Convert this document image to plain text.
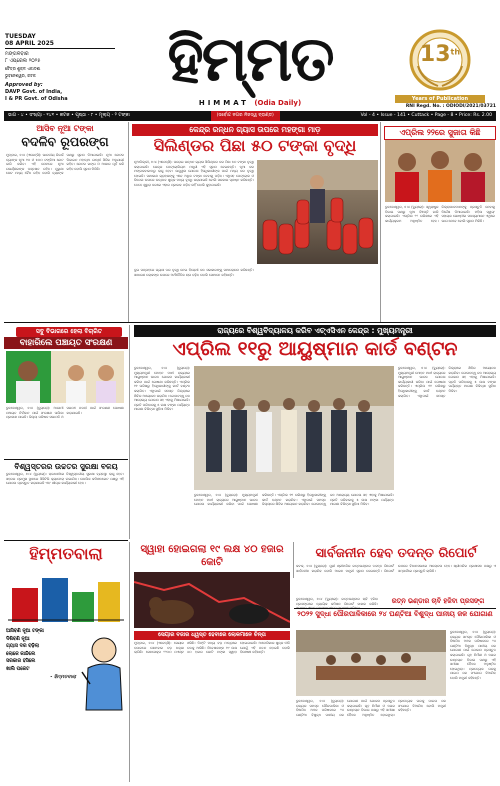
TUESDAY
08 APRIL 2025
ମଙ୍ଗଳବାର
୮ ଏପ୍ରେଲ ୨୦୨୫
ଚୈତ୍ର ଶୁକ୍ଳ ଏକାଦଶୀ
ଭୁବନେଶ୍ୱର, କଟକ
Approved by:
DAVP Govt. of India,
I & PR Govt. of Odisha
ହିମ୍ମତ
HIMMAT (Odia Daily)
13th
Years of Publication
RNI Regd. No. : ODIODI/2021/03721
ଭାଗ - ୪ • ସଂଖ୍ୟା - ୧୪୧ • କଟକ • ପୃଷ୍ଠା - ୮ • ମୂଲ୍ୟ - ୨ ଟଙ୍କା	(ସର୍ବୋଚ୍ଚ ନଗର ନିଜସ୍ୱ ବ୍ରାଣ୍ଡ)	Vol - 4 • Issue - 141 • Cuttack • Page - 8 • Price: Rs. 2.00
ଆସିବ ନୂଆ ଟଙ୍କା
ବଦଳିବ ରୂପରଙ୍ଗ
ମୁମ୍ବାଇ, ୭।୪ (ଏଜେନ୍ସି): ଭାରତୀୟ ରିଜର୍ଭ ବ୍ୟାଙ୍କ ନୂଆ ୧୦ ଓ ୫୦୦ ଟଙ୍କିଆ ନୋଟ ଜାରି କରିବ। ଏହି ନୋଟରେ ନୂଆ ଗଭର୍ଣ୍ଣରଙ୍କ ଦସ୍ତଖତ ରହିବ। ପୁରୁଣା ନୋଟ ମଧ୍ୟ ବୈଧ ରହିବ ବୋଲି ବ୍ୟାଙ୍କ ପକ୍ଷରୁ ସୂଚନା ଦିଆଯାଇଛି। ନୂଆ ନୋଟର ଡିଜାଇନ ମହାତ୍ମା ଗାନ୍ଧୀ ସିରିଜ ଅନୁଯାୟୀ ରହିବ। ନୋଟର ରଙ୍ଗ ଓ ଆକାର ପୂର୍ବ ଭଳି ରହିବ ବୋଲି ସୂଚନା ମିଳିଛି।
କେନ୍ଦ୍ର ରନ୍ଧନ ଗ୍ୟାସ ଉପରେ ମହଙ୍ଗା ମାଡ଼
ସିଲିଣ୍ଡର ପିଛା ୫୦ ଟଙ୍କା ବୃଦ୍ଧି
ନୂଆଦିଲ୍ଲୀ, ୭।୪ (ଏଜେନ୍ସି): ଘରୋଇ ରନ୍ଧନ ଗ୍ୟାସ ସିଲିଣ୍ଡର ଦର ପିଛା ୫୦ ଟଙ୍କା ବୃଦ୍ଧି କରାଯାଇଛି। କେନ୍ଦ୍ର ପେଟ୍ରୋଲିୟମ ମନ୍ତ୍ରୀ ଏହି ସୂଚନା ଦେଇଛନ୍ତି। ନୂଆ ଦର ମଙ୍ଗଳବାରଠାରୁ ଲାଗୁ ହେବ। ଉଜ୍ଜ୍ୱଳା ଯୋଜନା ହିତାଧିକାରୀଙ୍କ ପାଇଁ ମଧ୍ୟ ଦର ବୃଦ୍ଧି ହୋଇଛି। ସାଧାରଣ ଗ୍ରାହକଙ୍କୁ ଏବେ ଅଧିକ ଟଙ୍କା ଦେବାକୁ ପଡ଼ିବ। ଏଥିସହ ପେଟ୍ରୋଲ ଓ ଡିଜେଲ ଉପରେ ଉତ୍ପାଦ ଶୁଳ୍କ ମଧ୍ୟ ବୃଦ୍ଧି କରାଯାଇଛି ବୋଲି ସରକାର ସ୍ପଷ୍ଟ କରିଛନ୍ତି। ତେବେ ଖୁଚୁରା ଦରରେ ଏହାର ପ୍ରଭାବ ପଡ଼ିବ ନାହିଁ ବୋଲି କୁହାଯାଇଛି।
ଦୁଇ ସପ୍ତାହରେ ଗ୍ୟାସ ଦର ବୃଦ୍ଧି ନେଇ ବିରୋଧୀ ଦଳ ସରକାରଙ୍କୁ ସମାଲୋଚନା କରିଛନ୍ତି। ସାଧାରଣ ଲୋକଙ୍କ ଉପରେ ଅର୍ଥନୈତିକ ଚାପ ବଢ଼ିବ ବୋଲି ସେମାନେ କହିଛନ୍ତି।
ଏପ୍ରିଲ ୨୨ରେ ସୁଜାତା କିଛି
ଭୁବନେଶ୍ୱର, ୭।୪ (ବ୍ୟୁରୋ): ସ୍ୱରାଷ୍ଟ୍ର ବିଭାଗ ପକ୍ଷରୁ ନୂଆ ବିଜ୍ଞପ୍ତି ଜାରି କରାଯାଇଛି। ଏପ୍ରିଲ ୨୨ ତାରିଖରେ ଏହି କାର୍ଯ୍ୟକ୍ରମ ଅନୁଷ୍ଠିତ ହେବ। ଜିଲ୍ଲାପାଳମାନଙ୍କୁ ପ୍ରସ୍ତୁତି ନେବାକୁ ନିର୍ଦ୍ଦେଶ ଦିଆଯାଇଛି। ମହିଳା ସ୍ୱୟଂ ସହାୟକ ଗୋଷ୍ଠୀର ସଦସ୍ୟମାନେ ଏଥିରେ ଭାଗ ନେବେ ବୋଲି ସୂଚନା ମିଳିଛି।
ସବୁ ବିଭାଗରେ ହେଲା ବିଚାରିତ
ବାହାରିଲେ ପଞ୍ଚାୟତ ସଂରକ୍ଷଣ
ଭୁବନେଶ୍ୱର, ୭।୪ (ବ୍ୟୁରୋ): ଆଗାମୀ ପଞ୍ଚାୟତ ନିର୍ବାଚନ ପାଇଁ ସଂରକ୍ଷଣ ତାଲିକା ପ୍ରକାଶ ପାଇଛି। ଜିଲ୍ଲା ପରିଷଦ ସଭାପତି ଓ ସରପଞ୍ଚ ପଦବୀ ପାଇଁ ସଂରକ୍ଷଣ ଘୋଷଣା କରାଯାଇଛି।
ବିଶ୍ୱସ୍ତରର ଉଚ୍ଚତର ସୁରକ୍ଷା ବଳୟ
ଭୁବନେଶ୍ୱର, ୭।୪ (ବ୍ୟୁରୋ): ରାଜଧାନୀରେ ବିଶ୍ୱସ୍ତରୀୟ ସୁରକ୍ଷା ବ୍ୟବସ୍ଥା ଲାଗୁ ହେବ। ସହରର ପ୍ରମୁଖ ସ୍ଥାନରେ ସିସିଟିଭି କ୍ୟାମେରା ଲଗାଯିବ। ପୋଲିସ କମିଶନରେଟ ପକ୍ଷରୁ ଏହି ଯୋଜନା ପ୍ରସ୍ତୁତ କରାଯାଇଛି ଏବଂ ଶୀଘ୍ର କାର୍ଯ୍ୟକାରୀ ହେବ।
ରାଜ୍ୟରେ ବିଶ୍ୱବିଦ୍ୟାଳୟ କରିବ ଏଚ୍ଏସିଏନ କେନ୍ଦ୍ର : ମୁଖ୍ୟମନ୍ତ୍ରୀ
ଏପ୍ରିଲ ୧୧ରୁ ଆୟୁଷ୍ମାନ କାର୍ଡ ବଣ୍ଟନ
ଭୁବନେଶ୍ୱର, ୭।୪ (ବ୍ୟୁରୋ): ମୁଖ୍ୟମନ୍ତ୍ରୀ ମୋହନ ମାଝୀ ରାଜ୍ୟରେ ଆୟୁଷ୍ମାନ ଭାରତ ଯୋଜନା କାର୍ଯ୍ୟକାରୀ କରିବା ପାଇଁ ଘୋଷଣା କରିଛନ୍ତି। ଏପ୍ରିଲ ୧୧ ତାରିଖରୁ ହିତାଧିକାରୀଙ୍କୁ କାର୍ଡ ବଣ୍ଟନ କରାଯିବ। ଏଥିପାଇଁ ସମସ୍ତ ଜିଲ୍ଲାରେ ଶିବିର ଆୟୋଜନ କରାଯିବ। ଗୋପବନ୍ଧୁ ଜନ ଆରୋଗ୍ୟ ଯୋଜନା ସହ ଏହାକୁ ମିଶାଯାଇଛି। ପ୍ରତି ପରିବାରକୁ ୫ ଲକ୍ଷ ଟଙ୍କା ପର୍ଯ୍ୟନ୍ତ ମାଗଣା ଚିକିତ୍ସା ସୁବିଧା ମିଳିବ।
ଭୁବନେଶ୍ୱର, ୭।୪ (ବ୍ୟୁରୋ): ମୁଖ୍ୟମନ୍ତ୍ରୀ ମୋହନ ମାଝୀ ରାଜ୍ୟରେ ଆୟୁଷ୍ମାନ ଭାରତ ଯୋଜନା କାର୍ଯ୍ୟକାରୀ କରିବା ପାଇଁ ଘୋଷଣା କରିଛନ୍ତି। ଏପ୍ରିଲ ୧୧ ତାରିଖରୁ ହିତାଧିକାରୀଙ୍କୁ କାର୍ଡ ବଣ୍ଟନ କରାଯିବ। ଏଥିପାଇଁ ସମସ୍ତ ଜିଲ୍ଲାରେ ଶିବିର ଆୟୋଜନ କରାଯିବ। ଗୋପବନ୍ଧୁ ଜନ ଆରୋଗ୍ୟ ଯୋଜନା ସହ ଏହାକୁ ମିଶାଯାଇଛି। ପ୍ରତି ପରିବାରକୁ ୫ ଲକ୍ଷ ଟଙ୍କା ପର୍ଯ୍ୟନ୍ତ ମାଗଣା ଚିକିତ୍ସା ସୁବିଧା ମିଳିବ।
ଭୁବନେଶ୍ୱର, ୭।୪ (ବ୍ୟୁରୋ): ମୁଖ୍ୟମନ୍ତ୍ରୀ ମୋହନ ମାଝୀ ରାଜ୍ୟରେ ଆୟୁଷ୍ମାନ ଭାରତ ଯୋଜନା କାର୍ଯ୍ୟକାରୀ କରିବା ପାଇଁ ଘୋଷଣା କରିଛନ୍ତି। ଏପ୍ରିଲ ୧୧ ତାରିଖରୁ ହିତାଧିକାରୀଙ୍କୁ କାର୍ଡ ବଣ୍ଟନ କରାଯିବ। ଏଥିପାଇଁ ସମସ୍ତ ଜିଲ୍ଲାରେ ଶିବିର ଆୟୋଜନ କରାଯିବ। ଗୋପବନ୍ଧୁ ଜନ ଆରୋଗ୍ୟ ଯୋଜନା ସହ ଏହାକୁ ମିଶାଯାଇଛି। ପ୍ରତି ପରିବାରକୁ ୫ ଲକ୍ଷ ଟଙ୍କା ପର୍ଯ୍ୟନ୍ତ ମାଗଣା ଚିକିତ୍ସା ସୁବିଧା ମିଳିବ।
ହିମ୍ମତବାଲା
ଆସିବଣି ନୂଆ ଟଙ୍କା
ଦିଶିବଣି ନୂଆ
ଗ୍ୟାସ ଦର ବଢ଼ିଲା
ଲୋକେ କାନ୍ଦିଲେ
ସରକାର ହସିଲେ
ଖାଲି ପକେଟ
- ହିମ୍ମତବାଲା
ସ୍ୱାହା ହୋଇଗଲା ୧୯ ଲକ୍ଷ ୪୦ ହଜାର କୋଟି
ସେୟାର ବଜାର ଧ୍ୱସ୍ତ ହେବାରେ ଲୋକମାନେ ଚିନ୍ତା
ମୁମ୍ବାଇ, ୭।୪ (ଏଜେନ୍ସି): ସେୟାର ବଜାରରେ ସୋମବାର ବଡ଼ ଧକ୍କା ଲାଗିଛି। ସେନସେକ୍ସ ୨୨୦୦ ପଏଣ୍ଟ ଖସିଛି। ନିଫ୍ଟି ମଧ୍ୟ ବଡ଼ ମାତ୍ରାରେ ତଳକୁ ଆସିଛି। ନିବେଶକଙ୍କ ୧୯ ଲକ୍ଷ ୪୦ ହଜାର କୋଟି ଟଙ୍କା ସ୍ୱାହା ହୋଇଯାଇଛି। ଆମେରିକାର ଶୁଳ୍କ ନୀତି ଯୋଗୁଁ ଏହି ପତନ ହୋଇଛି ବୋଲି ବିଶେଷଜ୍ଞ କହିଛନ୍ତି।
ସାର୍ବଜନୀନ ହେବ ତଦନ୍ତ ରିପୋର୍ଟ
କଟକ, ୭।୪ (ବ୍ୟୁରୋ): ପୁରୀ ଶ୍ରୀମନ୍ଦିର ରତ୍ନଭଣ୍ଡାର ତଦନ୍ତ ରିପୋର୍ଟ ସାର୍ବଜନୀନ କରାଯିବ ବୋଲି ଆଇନ ମନ୍ତ୍ରୀ ସୂଚନା ଦେଇଛନ୍ତି। ରିପୋର୍ଟ ଉପରେ ବିଧାନସଭାରେ ଆଲୋଚନା ହେବ। ଶ୍ରୀମନ୍ଦିର ପ୍ରଶାସନ ପକ୍ଷରୁ ଏ ସମ୍ପର୍କରେ ପ୍ରସ୍ତୁତି ଚାଲିଛି।
ରତ୍ନ ଭଣ୍ଡାର ଚାବି ହଜିବା ପ୍ରସଙ୍ଗ
ଭୁବନେଶ୍ୱର, ୭।୪ (ବ୍ୟୁରୋ): ରତ୍ନଭଣ୍ଡାର ଚାବି ହଜିବା ପ୍ରସଙ୍ଗରେ ନ୍ୟାୟିକ କମିଶନ ରିପୋର୍ଟ ଦାଖଲ କରିଛି।
୨୦୨୨ ସୁଦ୍ଧା ପୌରପାଳିକାରେ ୨୪ ଘଣ୍ଟିଆ ବିଶୁଦ୍ଧ ପାନୀୟ ଜଳ ଯୋଗାଣ
ଭୁବନେଶ୍ୱର, ୭।୪ (ବ୍ୟୁରୋ): ରାଜ୍ୟର ସମସ୍ତ ପୌରପାଳିକା ଓ ବିଜ୍ଞାପିତ ଅଞ୍ଚଳ ପରିଷଦରେ ୨୪ ଘଣ୍ଟିଆ ବିଶୁଦ୍ଧ ପାନୀୟ ଜଳ ଯୋଗାଣ ପାଇଁ ଯୋଜନା ପ୍ରସ୍ତୁତ କରାଯାଇଛି। ଗୃହ ନିର୍ମାଣ ଓ ନଗର ଉନ୍ନୟନ ବିଭାଗ ପକ୍ଷରୁ ଏହି ସମୀକ୍ଷା ବୈଠକ ଅନୁଷ୍ଠିତ ହୋଇଥିଲା। ପ୍ରତ୍ୟେକ ଘରକୁ ପାଇପ ଜଳ ସଂଯୋଗ ଦିଆଯିବ ବୋଲି ମନ୍ତ୍ରୀ କହିଛନ୍ତି।
ଭୁବନେଶ୍ୱର, ୭।୪ (ବ୍ୟୁରୋ): ରାଜ୍ୟର ସମସ୍ତ ପୌରପାଳିକା ଓ ବିଜ୍ଞାପିତ ଅଞ୍ଚଳ ପରିଷଦରେ ୨୪ ଘଣ୍ଟିଆ ବିଶୁଦ୍ଧ ପାନୀୟ ଜଳ ଯୋଗାଣ ପାଇଁ ଯୋଜନା ପ୍ରସ୍ତୁତ କରାଯାଇଛି। ଗୃହ ନିର୍ମାଣ ଓ ନଗର ଉନ୍ନୟନ ବିଭାଗ ପକ୍ଷରୁ ଏହି ସମୀକ୍ଷା ବୈଠକ ଅନୁଷ୍ଠିତ ହୋଇଥିଲା। ପ୍ରତ୍ୟେକ ଘରକୁ ପାଇପ ଜଳ ସଂଯୋଗ ଦିଆଯିବ ବୋଲି ମନ୍ତ୍ରୀ କହିଛନ୍ତି।
